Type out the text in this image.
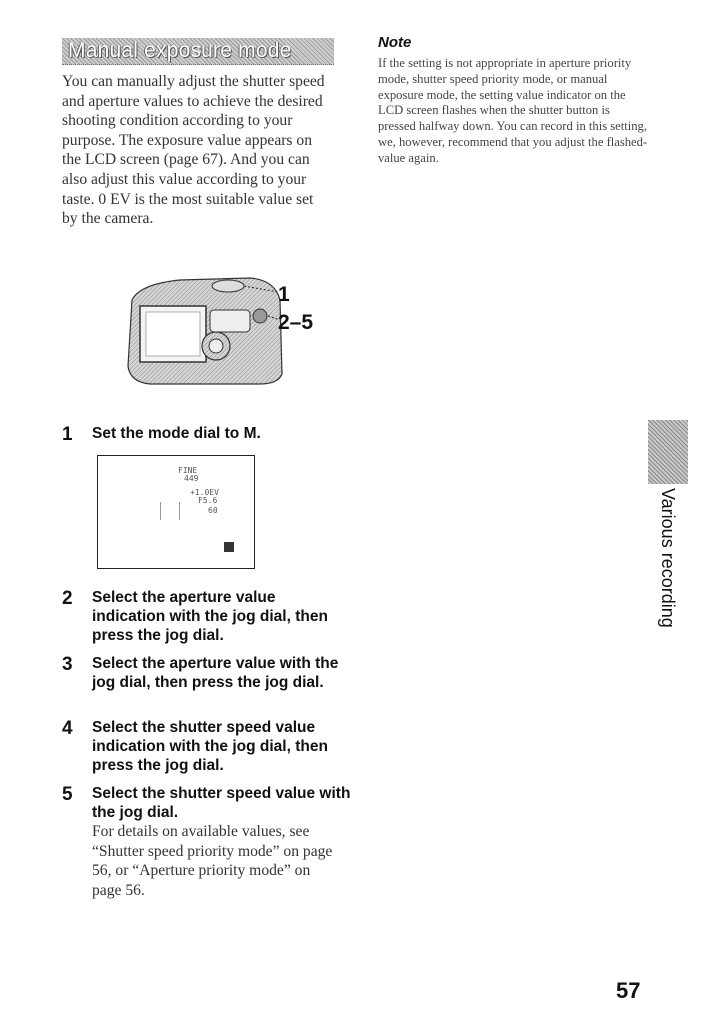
Manual exposure mode

You can manually adjust the shutter speed and aperture values to achieve the desired shooting condition according to your purpose. The exposure value appears on the LCD screen (page 67). And you can also adjust this value according to your taste. 0 EV is the most suitable value set by the camera.

Note

If the setting is not appropriate in aperture priority mode, shutter speed priority mode, or manual exposure mode, the setting value indicator on the LCD screen flashes when the shutter button is pressed halfway down. You can record in this setting, we, however, recommend that you adjust the flashed-value again.

1
2–5
1 Set the mode dial to M.

FINE
449
+1.0EV
F5.6
60
2 Select the aperture value indication with the jog dial, then press the jog dial.

3 Select the aperture value with the jog dial, then press the jog dial.

4 Select the shutter speed value indication with the jog dial, then press the jog dial.

5 Select the shutter speed value with the jog dial.

For details on available values, see “Shutter speed priority mode” on page 56, or “Aperture priority mode” on page 56.

Various recording
57
